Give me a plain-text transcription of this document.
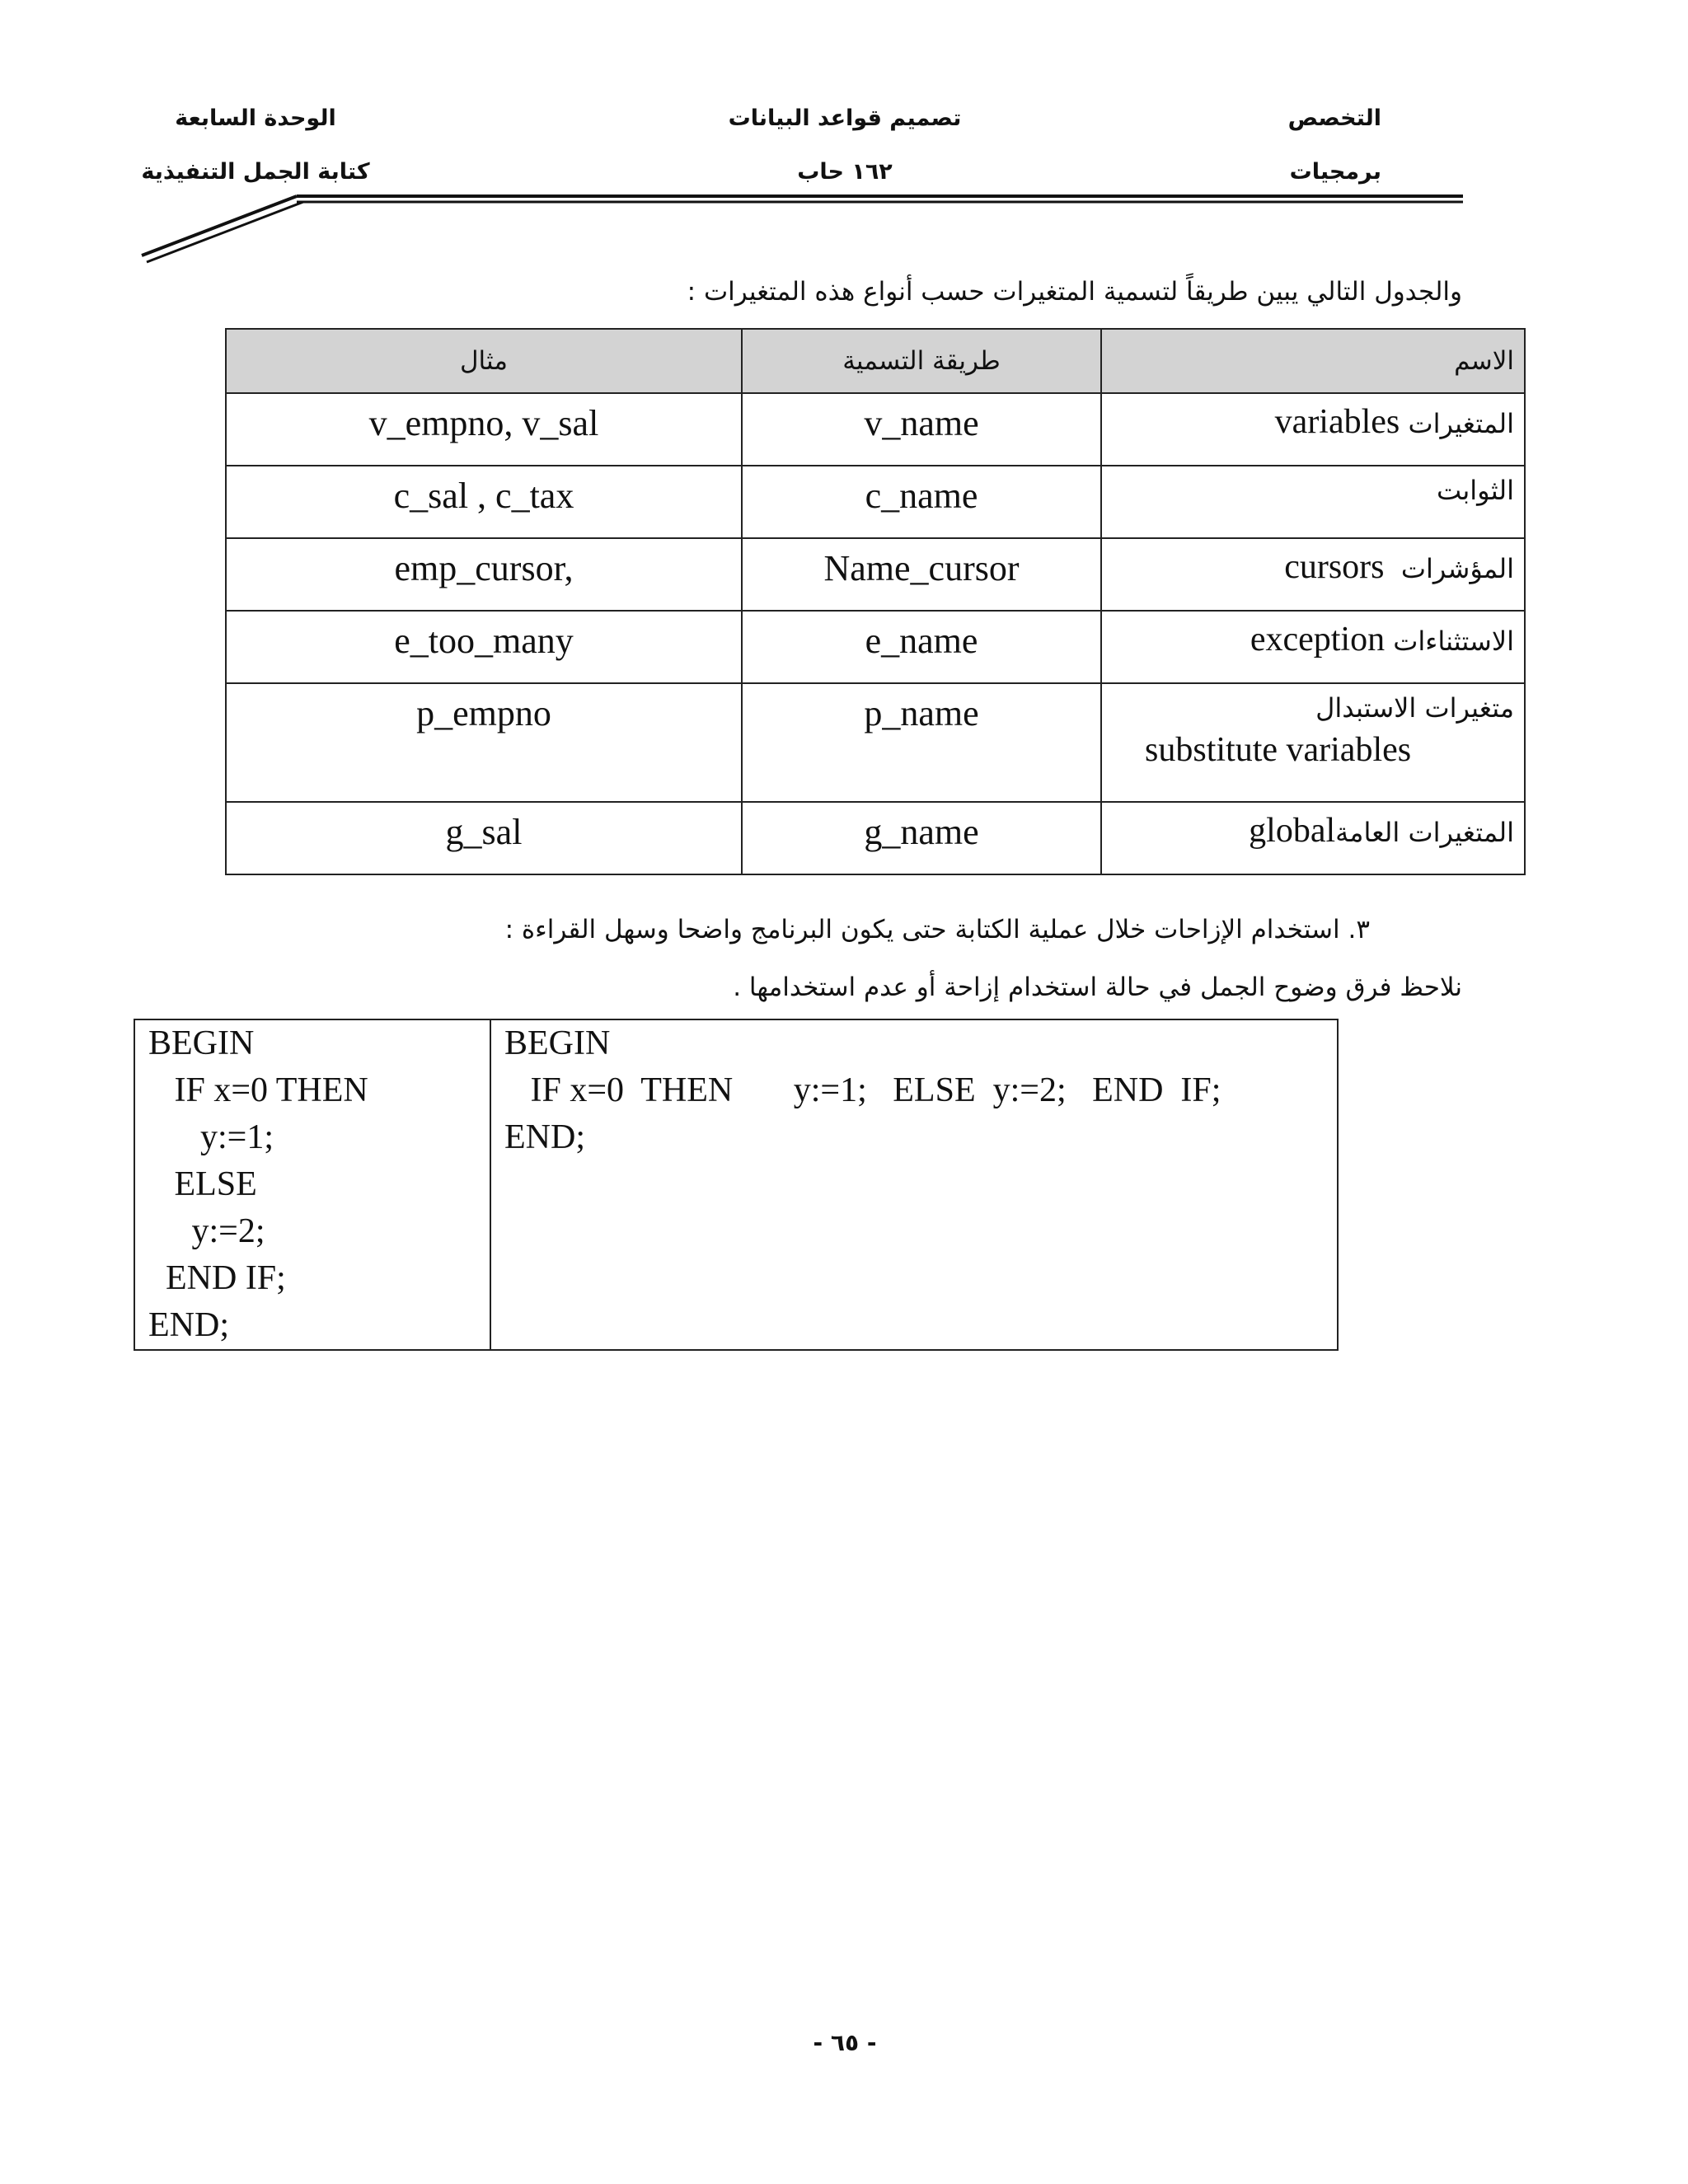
التخصص
تصميم قواعد البيانات
الوحدة السابعة
برمجيات
١٦٢ حاب
كتابة الجمل التنفيذية
والجدول التالي يبين طريقاً لتسمية المتغيرات حسب أنواع هذه المتغيرات :
مثال	طريقة التسمية	الاسم
v_empno, v_sal	v_name	المتغيرات variables
c_sal , c_tax	c_name	الثوابت
emp_cursor,	Name_cursor	المؤشرات  cursors
e_too_many	e_name	الاستثناءات exception
p_empno	p_name	متغيرات الاستبدال
substitute variables

g_sal	g_name	المتغيرات العامةglobal
٣. استخدام الإزاحات خلال عملية الكتابة حتى يكون البرنامج واضحا وسهل القراءة :
نلاحظ فرق وضوح الجمل في حالة استخدام إزاحة أو عدم استخدامها .
BEGIN
IF x=0 THEN
y:=1;
ELSE
y:=2;
END IF;
END;

BEGIN
IF x=0  THEN       y:=1;   ELSE  y:=2;   END  IF;
END;
- ٦٥ -
